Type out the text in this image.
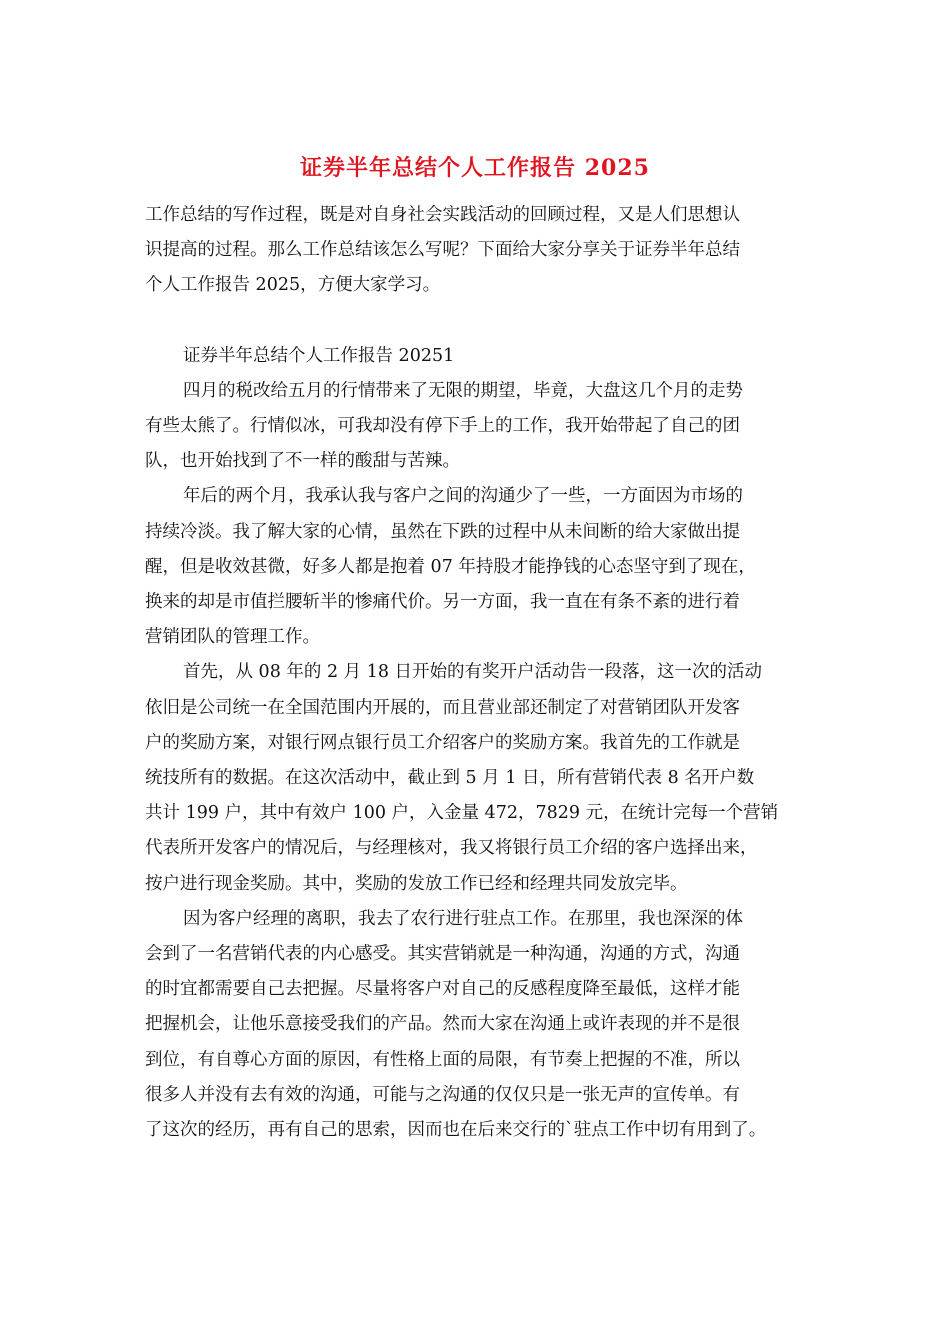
证券半年总结个人工作报告 2025

工作总结的写作过程，既是对自身社会实践活动的回顾过程，又是人们思想认

识提高的过程。那么工作总结该怎么写呢？下面给大家分享关于证券半年总结

个人工作报告 2025，方便大家学习。

证券半年总结个人工作报告 20251

四月的税改给五月的行情带来了无限的期望，毕竟，大盘这几个月的走势

有些太熊了。行情似冰，可我却没有停下手上的工作，我开始带起了自己的团

队，也开始找到了不一样的酸甜与苦辣。

年后的两个月，我承认我与客户之间的沟通少了一些，一方面因为市场的

持续冷淡。我了解大家的心情，虽然在下跌的过程中从未间断的给大家做出提

醒，但是收效甚微，好多人都是抱着 07 年持股才能挣钱的心态坚守到了现在，

换来的却是市值拦腰斩半的惨痛代价。另一方面，我一直在有条不紊的进行着

营销团队的管理工作。

首先，从 08 年的 2 月 18 日开始的有奖开户活动告一段落，这一次的活动

依旧是公司统一在全国范围内开展的，而且营业部还制定了对营销团队开发客

户的奖励方案，对银行网点银行员工介绍客户的奖励方案。我首先的工作就是

统技所有的数据。在这次活动中，截止到 5 月 1 日，所有营销代表 8 名开户数

共计 199 户，其中有效户 100 户，入金量 472，7829 元，在统计完每一个营销

代表所开发客户的情况后，与经理核对，我又将银行员工介绍的客户选择出来，

按户进行现金奖励。其中，奖励的发放工作已经和经理共同发放完毕。

因为客户经理的离职，我去了农行进行驻点工作。在那里，我也深深的体

会到了一名营销代表的内心感受。其实营销就是一种沟通，沟通的方式，沟通

的时宜都需要自己去把握。尽量将客户对自己的反感程度降至最低，这样才能

把握机会，让他乐意接受我们的产品。然而大家在沟通上或许表现的并不是很

到位，有自尊心方面的原因，有性格上面的局限，有节奏上把握的不准，所以

很多人并没有去有效的沟通，可能与之沟通的仅仅只是一张无声的宣传单。有

了这次的经历，再有自己的思索，因而也在后来交行的`驻点工作中切有用到了。
